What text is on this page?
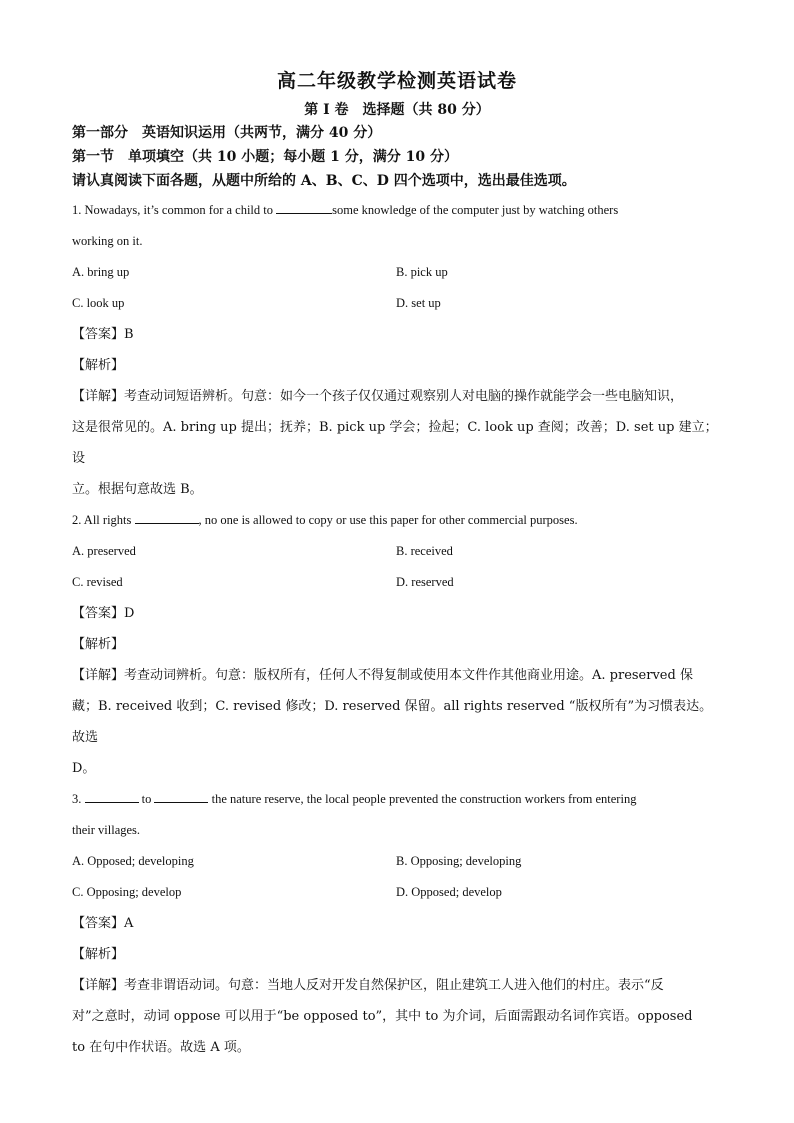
高二年级教学检测英语试卷
第 I 卷　选择题（共 80 分）
第一部分　英语知识运用（共两节，满分 40 分）
第一节　单项填空（共 10 小题；每小题 1 分，满分 10 分）
请认真阅读下面各题，从题中所给的 A、B、C、D 四个选项中，选出最佳选项。

1. Nowadays, it’s common for a child to	some knowledge of the computer just by watching others

working on it.

A. bring up	B. pick up
C. look up	D. set up

【答案】B

【解析】

【详解】考查动词短语辨析。句意：如今一个孩子仅仅通过观察别人对电脑的操作就能学会一些电脑知识，

这是很常见的。A. bring up 提出；抚养；B. pick up 学会；捡起；C. look up 查阅；改善；D. set up 建立；设

立。根据句意故选 B。

2. All rights	, no one is allowed to copy or use this paper for other commercial purposes.

A. preserved	B. received
C. revised	D. reserved

【答案】D

【解析】

【详解】考查动词辨析。句意：版权所有，任何人不得复制或使用本文件作其他商业用途。A. preserved 保

藏；B. received 收到；C. revised 修改；D. reserved 保留。all rights reserved “版权所有”为习惯表达。故选

D。

3.	to	the nature reserve, the local people prevented the construction workers from entering

their villages.

A. Opposed; developing	B. Opposing; developing
C. Opposing; develop	D. Opposed; develop

【答案】A

【解析】

【详解】考查非谓语动词。句意：当地人反对开发自然保护区，阻止建筑工人进入他们的村庄。表示“反

对”之意时，动词 oppose 可以用于“be opposed to”，其中 to 为介词，后面需跟动名词作宾语。opposed

to 在句中作状语。故选 A 项。
